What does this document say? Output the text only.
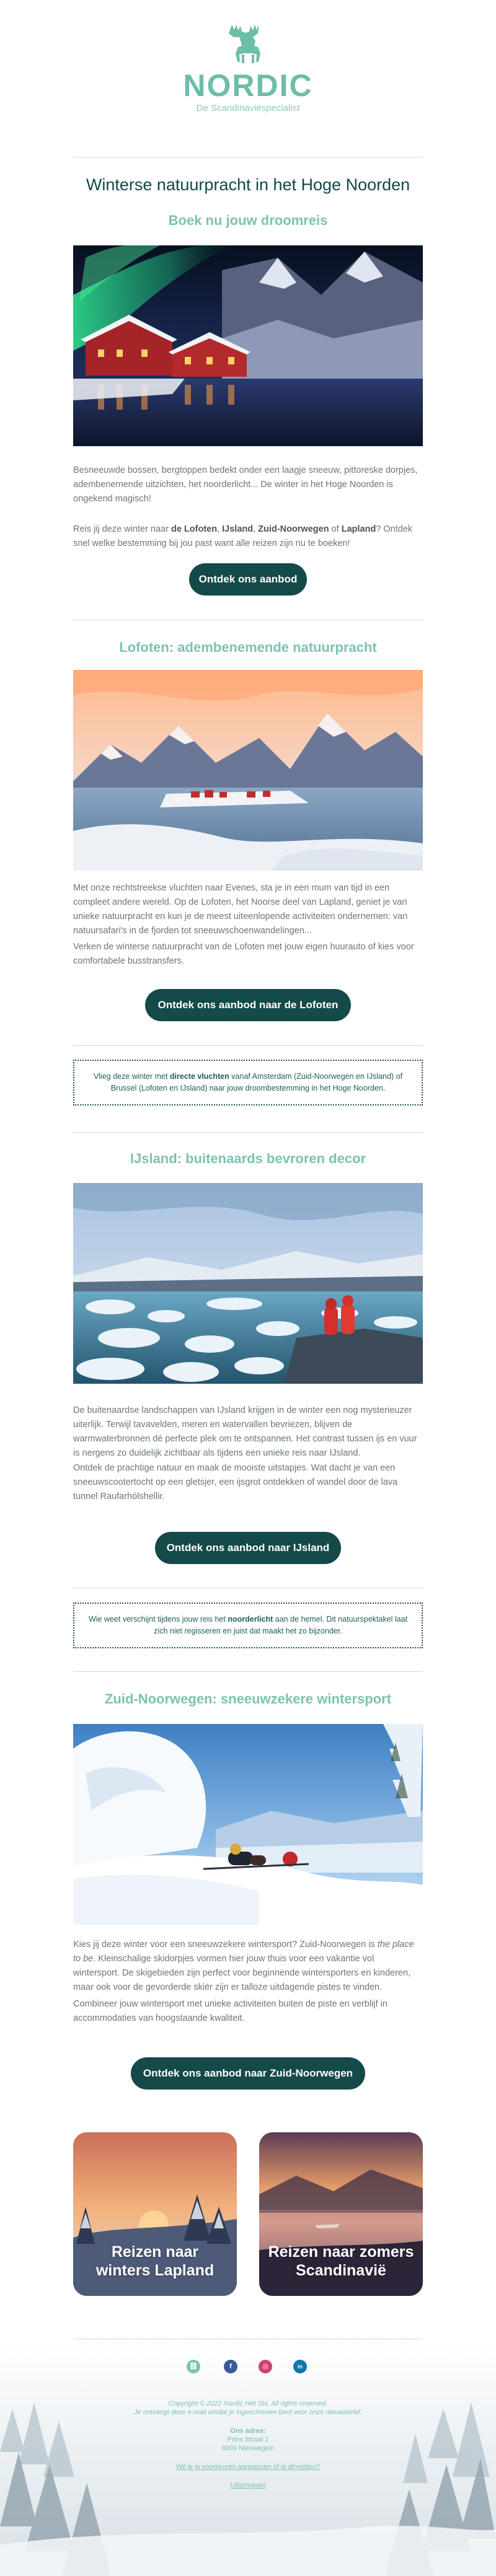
NORDIC
De Scandinaviëspecialist
Winterse natuurpracht in het Hoge Noorden
Boek nu jouw droomreis

Besneeuwde bossen, bergtoppen bedekt onder een laagje sneeuw, pittoreske dorpjes, adembenemende uitzichten, het noorderlicht... De winter in het Hoge Noorden is ongekend magisch!

Reis jij deze winter naar de Lofoten, IJsland, Zuid-Noorwegen of Lapland? Ontdek snel welke bestemming bij jou past want alle reizen zijn nu te boeken!

Ontdek ons aanbod
Lofoten: adembenemende natuurpracht

Met onze rechtstreekse vluchten naar Evenes, sta je in een mum van tijd in een compleet andere wereld. Op de Lofoten, het Noorse deel van Lapland, geniet je van unieke natuurpracht en kun je de meest uiteenlopende activiteiten ondernemen: van natuursafari's in de fjorden tot sneeuwschoenwandelingen...

Verken de winterse natuurpracht van de Lofoten met jouw eigen huurauto of kies voor comfortabele busstransfers.

Ontdek ons aanbod naar de Lofoten
Vlieg deze winter met directe vluchten vanaf Amsterdam (Zuid-Noorwegen en IJsland) of Brussel (Lofoten en IJsland) naar jouw droombestemming in het Hoge Noorden.
IJsland: buitenaards bevroren decor

De buitenaardse landschappen van IJsland krijgen in de winter een nog mysterieuzer uiterlijk. Terwijl tavavelden, meren en watervallen bevriezen, blijven de warmwaterbronnen dé perfecte plek om te ontspannen. Het contrast tussen ijs en vuur is nergens zo duidelijk zichtbaar als tijdens een unieke reis naar IJsland.

Ontdek de prachtige natuur en maak de mooiste uitstapjes. Wat dacht je van een sneeuwscootertocht op een gletsjer, een ijsgrot ontdekken of wandel door de lava tunnel Raufarhólshellir.

Ontdek ons aanbod naar IJsland
Wie weet verschijnt tijdens jouw reis het noorderlicht aan de hemel. Dit natuurspektakel laat zich niet regisseren en juist dat maakt het zo bijzonder.
Zuid-Noorwegen: sneeuwzekere wintersport

Kies jij deze winter voor een sneeuwzekere wintersport? Zuid-Noorwegen is the place to be. Kleinschalige skidorpjes vormen hier jouw thuis voor een vakantie vol wintersport. De skigebieden zijn perfect voor beginnende wintersporters en kinderen, maar ook voor de gevorderde skiër zijn er talloze uitdagende pistes te vinden.

Combineer jouw wintersport met unieke activiteiten buiten de piste en verblijf in accommodaties van hoogstaande kwaliteit.

Ontdek ons aanbod naar Zuid-Noorwegen
Reizen naar winters Lapland
Reizen naar zomers Scandinavië
⛓	f	◎	in
Copyright © 2022 Nordic Hét Sbi, All rights reserved.
Je ontvangt deze e-mail omdat je ingeschreven bent voor onze nieuwsbrief.
Ons adres:
Prins Straat 2
8000 Nieuwegein
Wil je je voorkeuren aanpassen of je afmelden?
Uitschrijven
